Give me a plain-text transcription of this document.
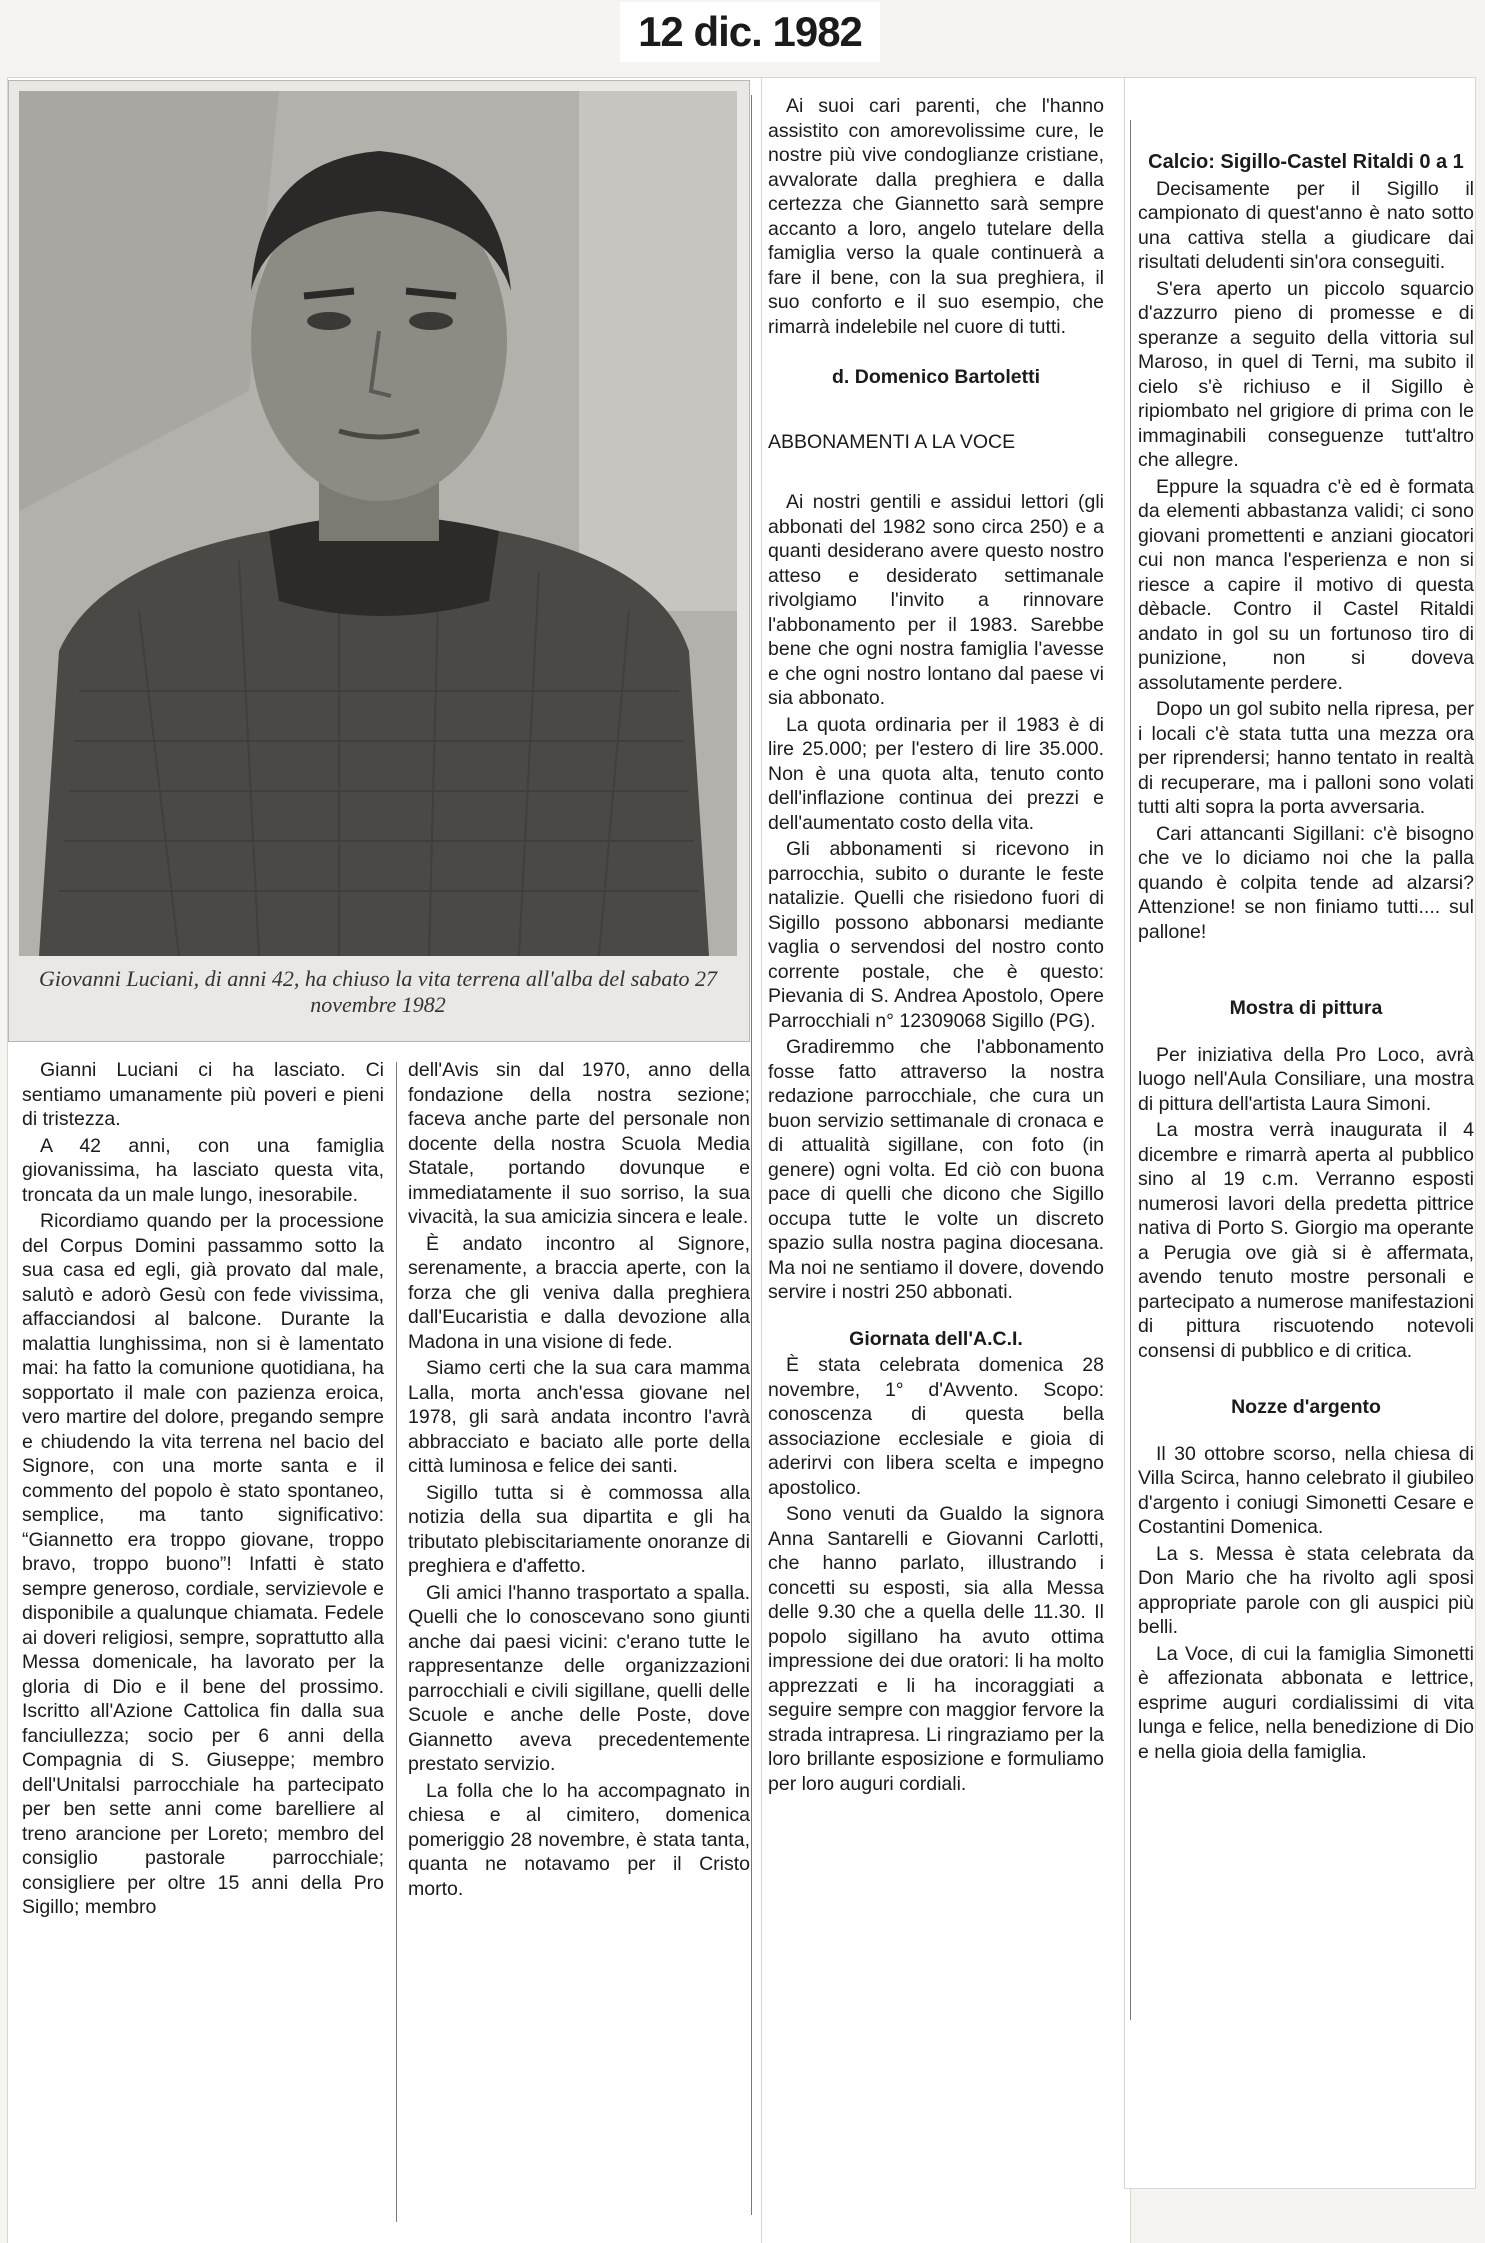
12 dic. 1982
Giovanni Luciani, di anni 42, ha chiuso la vita terrena all'alba del sabato 27 novembre 1982

Gianni Luciani ci ha lasciato. Ci sentiamo umanamente più poveri e pieni di tristezza.

A 42 anni, con una famiglia giovanissima, ha lasciato questa vita, troncata da un male lungo, inesorabile.

Ricordiamo quando per la processione del Corpus Domini passammo sotto la sua casa ed egli, già provato dal male, salutò e adorò Gesù con fede vivissima, affacciandosi al balcone. Durante la malattia lunghissima, non si è lamentato mai: ha fatto la comunione quotidiana, ha sopportato il male con pazienza eroica, vero martire del dolore, pregando sempre e chiudendo la vita terrena nel bacio del Signore, con una morte santa e il commento del popolo è stato spontaneo, semplice, ma tanto significativo: “Giannetto era troppo giovane, troppo bravo, troppo buono”! Infatti è stato sempre generoso, cordiale, servizievole e disponibile a qualunque chiamata. Fedele ai doveri religiosi, sempre, soprattutto alla Messa domenicale, ha lavorato per la gloria di Dio e il bene del prossimo. Iscritto all'Azione Cattolica fin dalla sua fanciullezza; socio per 6 anni della Compagnia di S. Giuseppe; membro dell'Unitalsi parrocchiale ha partecipato per ben sette anni come barelliere al treno arancione per Loreto; membro del consiglio pastorale parrocchiale; consigliere per oltre 15 anni della Pro Sigillo; membro

dell'Avis sin dal 1970, anno della fondazione della nostra sezione; faceva anche parte del personale non docente della nostra Scuola Media Statale, portando dovunque e immediatamente il suo sorriso, la sua vivacità, la sua amicizia sincera e leale.

È andato incontro al Signore, serenamente, a braccia aperte, con la forza che gli veniva dalla preghiera dall'Eucaristia e dalla devozione alla Madona in una visione di fede.

Siamo certi che la sua cara mamma Lalla, morta anch'essa giovane nel 1978, gli sarà andata incontro l'avrà abbracciato e baciato alle porte della città luminosa e felice dei santi.

Sigillo tutta si è commossa alla notizia della sua dipartita e gli ha tributato plebiscitariamente onoranze di preghiera e d'affetto.

Gli amici l'hanno trasportato a spalla. Quelli che lo conoscevano sono giunti anche dai paesi vicini: c'erano tutte le rappresentanze delle organizzazioni parrocchiali e civili sigillane, quelli delle Scuole e anche delle Poste, dove Giannetto aveva precedentemente prestato servizio.

La folla che lo ha accompagnato in chiesa e al cimitero, domenica pomeriggio 28 novembre, è stata tanta, quanta ne notavamo per il Cristo morto.

Ai suoi cari parenti, che l'hanno assistito con amorevolissime cure, le nostre più vive condoglianze cristiane, avvalorate dalla preghiera e dalla certezza che Giannetto sarà sempre accanto a loro, angelo tutelare della famiglia verso la quale continuerà a fare il bene, con la sua preghiera, il suo conforto e il suo esempio, che rimarrà indelebile nel cuore di tutti.

d. Domenico Bartoletti

ABBONAMENTI A LA VOCE

Ai nostri gentili e assidui lettori (gli abbonati del 1982 sono circa 250) e a quanti desiderano avere questo nostro atteso e desiderato settimanale rivolgiamo l'invito a rinnovare l'abbonamento per il 1983. Sarebbe bene che ogni nostra famiglia l'avesse e che ogni nostro lontano dal paese vi sia abbonato.

La quota ordinaria per il 1983 è di lire 25.000; per l'estero di lire 35.000. Non è una quota alta, tenuto conto dell'inflazione continua dei prezzi e dell'aumentato costo della vita.

Gli abbonamenti si ricevono in parrocchia, subito o durante le feste natalizie. Quelli che risiedono fuori di Sigillo possono abbonarsi mediante vaglia o servendosi del nostro conto corrente postale, che è questo: Pievania di S. Andrea Apostolo, Opere Parrocchiali n° 12309068 Sigillo (PG).

Gradiremmo che l'abbonamento fosse fatto attraverso la nostra redazione parrocchiale, che cura un buon servizio settimanale di cronaca e di attualità sigillane, con foto (in genere) ogni volta. Ed ciò con buona pace di quelli che dicono che Sigillo occupa tutte le volte un discreto spazio sulla nostra pagina diocesana. Ma noi ne sentiamo il dovere, dovendo servire i nostri 250 abbonati.

Giornata dell'A.C.I.

È stata celebrata domenica 28 novembre, 1° d'Avvento. Scopo: conoscenza di questa bella associazione ecclesiale e gioia di aderirvi con libera scelta e impegno apostolico.

Sono venuti da Gualdo la signora Anna Santarelli e Giovanni Carlotti, che hanno parlato, illustrando i concetti su esposti, sia alla Messa delle 9.30 che a quella delle 11.30. Il popolo sigillano ha avuto ottima impressione dei due oratori: li ha molto apprezzati e li ha incoraggiati a seguire sempre con maggior fervore la strada intrapresa. Li ringraziamo per la loro brillante esposizione e formuliamo per loro auguri cordiali.

Calcio: Sigillo-Castel Ritaldi 0 a 1

Decisamente per il Sigillo il campionato di quest'anno è nato sotto una cattiva stella a giudicare dai risultati deludenti sin'ora conseguiti.

S'era aperto un piccolo squarcio d'azzurro pieno di promesse e di speranze a seguito della vittoria sul Maroso, in quel di Terni, ma subito il cielo s'è richiuso e il Sigillo è ripiombato nel grigiore di prima con le immaginabili conseguenze tutt'altro che allegre.

Eppure la squadra c'è ed è formata da elementi abbastanza validi; ci sono giovani promettenti e anziani giocatori cui non manca l'esperienza e non si riesce a capire il motivo di questa dèbacle. Contro il Castel Ritaldi andato in gol su un fortunoso tiro di punizione, non si doveva assolutamente perdere.

Dopo un gol subito nella ripresa, per i locali c'è stata tutta una mezza ora per riprendersi; hanno tentato in realtà di recuperare, ma i palloni sono volati tutti alti sopra la porta avversaria.

Cari attancanti Sigillani: c'è bisogno che ve lo diciamo noi che la palla quando è colpita tende ad alzarsi? Attenzione! se non finiamo tutti.... sul pallone!

Mostra di pittura

Per iniziativa della Pro Loco, avrà luogo nell'Aula Consiliare, una mostra di pittura dell'artista Laura Simoni.

La mostra verrà inaugurata il 4 dicembre e rimarrà aperta al pubblico sino al 19 c.m. Verranno esposti numerosi lavori della predetta pittrice nativa di Porto S. Giorgio ma operante a Perugia ove già si è affermata, avendo tenuto mostre personali e partecipato a numerose manifestazioni di pittura riscuotendo notevoli consensi di pubblico e di critica.

Nozze d'argento

Il 30 ottobre scorso, nella chiesa di Villa Scirca, hanno celebrato il giubileo d'argento i coniugi Simonetti Cesare e Costantini Domenica.

La s. Messa è stata celebrata da Don Mario che ha rivolto agli sposi appropriate parole con gli auspici più belli.

La Voce, di cui la famiglia Simonetti è affezionata abbonata e lettrice, esprime auguri cordialissimi di vita lunga e felice, nella benedizione di Dio e nella gioia della famiglia.
